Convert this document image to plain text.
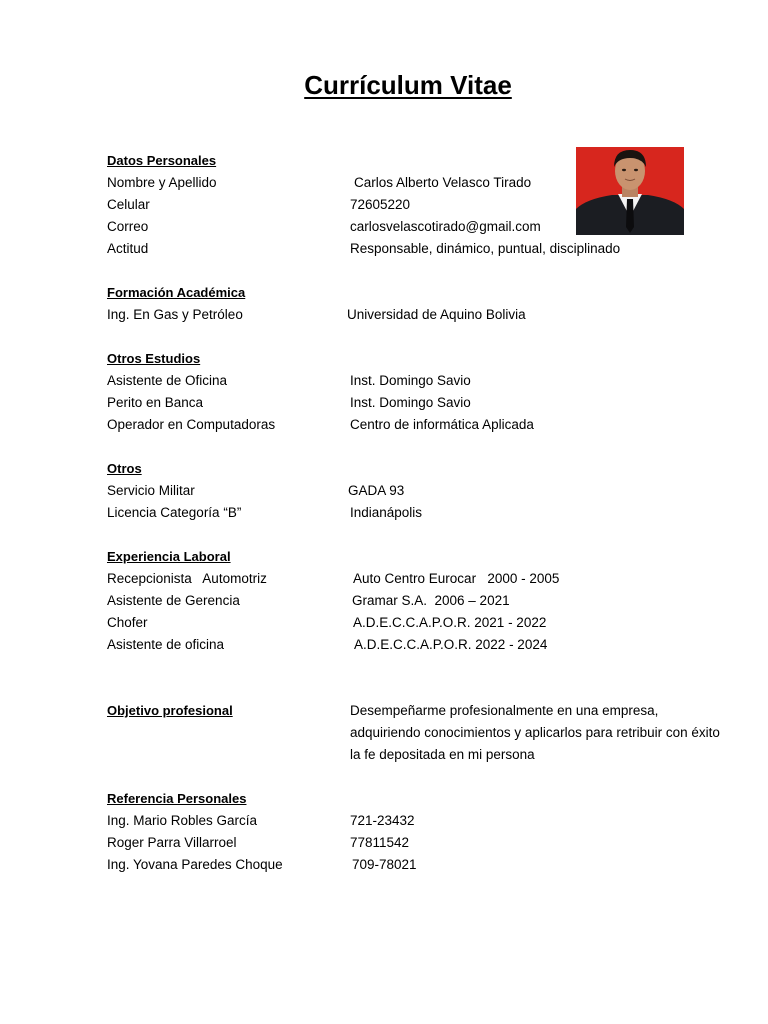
Currículum Vitae
Datos Personales
Nombre y Apellido	Carlos Alberto Velasco Tirado
Celular	72605220
Correo	carlosvelascotirado@gmail.com
Actitud	Responsable, dinámico, puntual, disciplinado
Formación Académica
Ing. En Gas y Petróleo	Universidad de Aquino Bolivia
Otros Estudios
Asistente de Oficina	Inst. Domingo Savio
Perito en Banca	Inst. Domingo Savio
Operador en Computadoras	Centro de informática Aplicada
Otros
Servicio Militar	GADA 93
Licencia Categoría “B”	Indianápolis
Experiencia Laboral
Recepcionista   Automotriz	Auto Centro Eurocar   2000 - 2005
Asistente de Gerencia	Gramar S.A.  2006 – 2021
Chofer	A.D.E.C.C.A.P.O.R. 2021 - 2022
Asistente de oficina	A.D.E.C.C.A.P.O.R. 2022 - 2024
Objetivo profesional	Desempeñarme profesionalmente en una empresa, adquiriendo conocimientos y aplicarlos para retribuir con éxito la fe depositada en mi persona
Referencia Personales
Ing. Mario Robles García	721-23432
Roger Parra Villarroel	77811542
Ing. Yovana Paredes Choque	709-78021
